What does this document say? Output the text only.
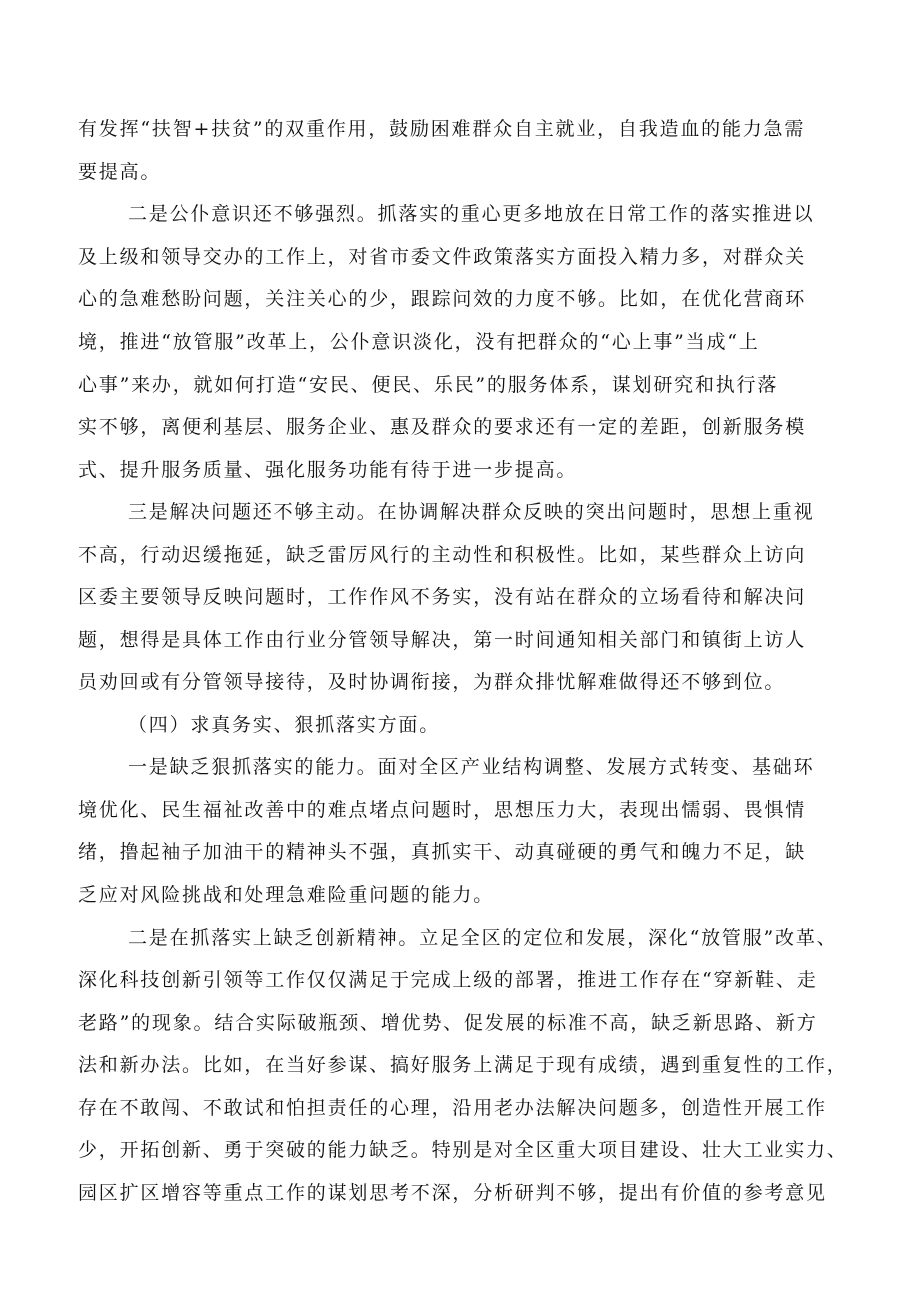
有发挥“扶智+扶贫”的双重作用，鼓励困难群众自主就业，自我造血的能力急需
要提高。
二是公仆意识还不够强烈。抓落实的重心更多地放在日常工作的落实推进以
及上级和领导交办的工作上，对省市委文件政策落实方面投入精力多，对群众关
心的急难愁盼问题，关注关心的少，跟踪问效的力度不够。比如，在优化营商环
境，推进“放管服”改革上，公仆意识淡化，没有把群众的“心上事”当成“上
心事”来办，就如何打造“安民、便民、乐民”的服务体系，谋划研究和执行落
实不够，离便利基层、服务企业、惠及群众的要求还有一定的差距，创新服务模
式、提升服务质量、强化服务功能有待于进一步提高。
三是解决问题还不够主动。在协调解决群众反映的突出问题时，思想上重视
不高，行动迟缓拖延，缺乏雷厉风行的主动性和积极性。比如，某些群众上访向
区委主要领导反映问题时，工作作风不务实，没有站在群众的立场看待和解决问
题，想得是具体工作由行业分管领导解决，第一时间通知相关部门和镇街上访人
员劝回或有分管领导接待，及时协调衔接，为群众排忧解难做得还不够到位。
（四）求真务实、狠抓落实方面。
一是缺乏狠抓落实的能力。面对全区产业结构调整、发展方式转变、基础环
境优化、民生福祉改善中的难点堵点问题时，思想压力大，表现出懦弱、畏惧情
绪，撸起袖子加油干的精神头不强，真抓实干、动真碰硬的勇气和魄力不足，缺
乏应对风险挑战和处理急难险重问题的能力。
二是在抓落实上缺乏创新精神。立足全区的定位和发展，深化“放管服”改革、
深化科技创新引领等工作仅仅满足于完成上级的部署，推进工作存在“穿新鞋、走
老路”的现象。结合实际破瓶颈、增优势、促发展的标准不高，缺乏新思路、新方
法和新办法。比如，在当好参谋、搞好服务上满足于现有成绩，遇到重复性的工作，
存在不敢闯、不敢试和怕担责任的心理，沿用老办法解决问题多，创造性开展工作
少，开拓创新、勇于突破的能力缺乏。特别是对全区重大项目建设、壮大工业实力、
园区扩区增容等重点工作的谋划思考不深，分析研判不够，提出有价值的参考意见
